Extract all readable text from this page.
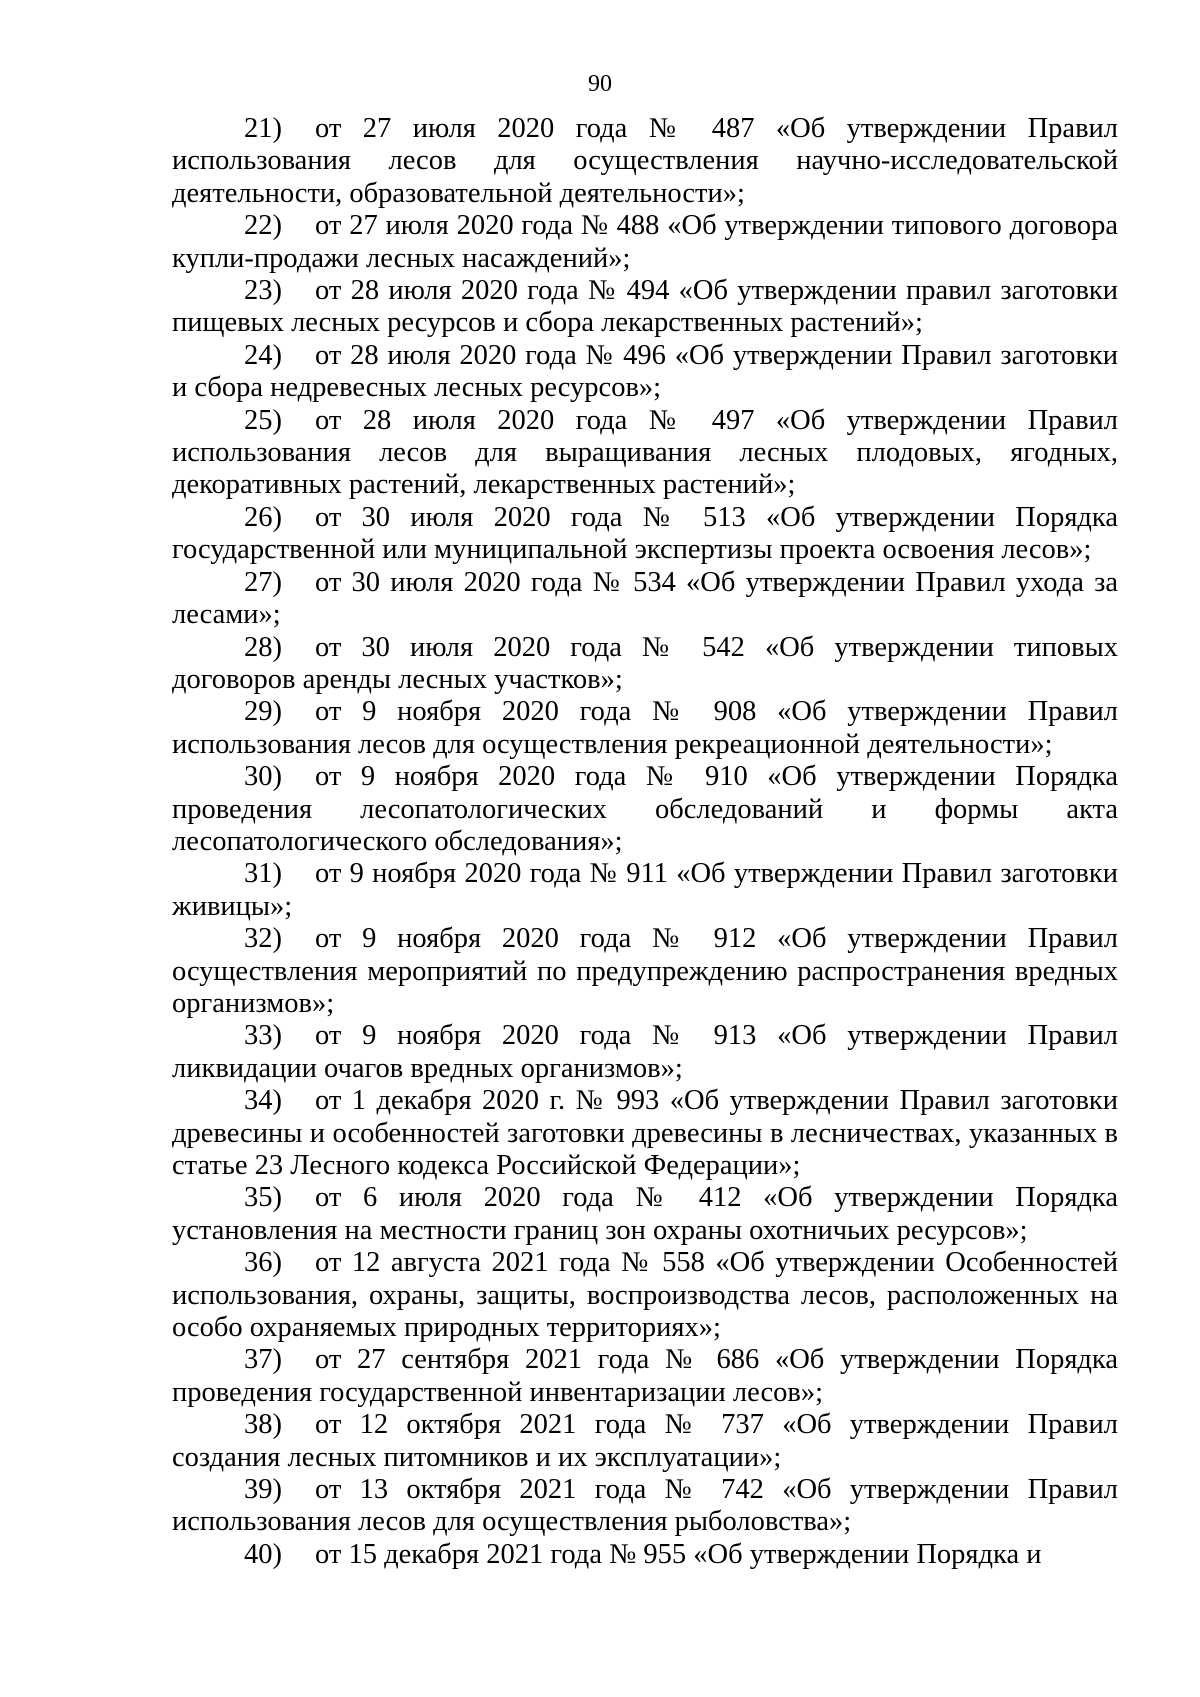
90

21) от 27 июля 2020 года № 487 «Об утверждении Правил использования лесов для осуществления научно-исследовательской деятельности, образовательной деятельности»;

22) от 27 июля 2020 года № 488 «Об утверждении типового договора купли-продажи лесных насаждений»;

23) от 28 июля 2020 года № 494 «Об утверждении правил заготовки пищевых лесных ресурсов и сбора лекарственных растений»;

24) от 28 июля 2020 года № 496 «Об утверждении Правил заготовки и сбора недревесных лесных ресурсов»;

25) от 28 июля 2020 года № 497 «Об утверждении Правил использования лесов для выращивания лесных плодовых, ягодных, декоративных растений, лекарственных растений»;

26) от 30 июля 2020 года № 513 «Об утверждении Порядка государственной или муниципальной экспертизы проекта освоения лесов»;

27) от 30 июля 2020 года № 534 «Об утверждении Правил ухода за лесами»;

28) от 30 июля 2020 года № 542 «Об утверждении типовых договоров аренды лесных участков»;

29) от 9 ноября 2020 года № 908 «Об утверждении Правил использования лесов для осуществления рекреационной деятельности»;

30) от 9 ноября 2020 года № 910 «Об утверждении Порядка проведения лесопатологических обследований и формы акта лесопатологического обследования»;

31) от 9 ноября 2020 года № 911 «Об утверждении Правил заготовки живицы»;

32) от 9 ноября 2020 года № 912 «Об утверждении Правил осуществления мероприятий по предупреждению распространения вредных организмов»;

33) от 9 ноября 2020 года № 913 «Об утверждении Правил ликвидации очагов вредных организмов»;

34) от 1 декабря 2020 г. № 993 «Об утверждении Правил заготовки древесины и особенностей заготовки древесины в лесничествах, указанных в статье 23 Лесного кодекса Российской Федерации»;

35) от 6 июля 2020 года № 412 «Об утверждении Порядка установления на местности границ зон охраны охотничьих ресурсов»;

36) от 12 августа 2021 года № 558 «Об утверждении Особенностей использования, охраны, защиты, воспроизводства лесов, расположенных на особо охраняемых природных территориях»;

37) от 27 сентября 2021 года № 686 «Об утверждении Порядка проведения государственной инвентаризации лесов»;

38) от 12 октября 2021 года № 737 «Об утверждении Правил создания лесных питомников и их эксплуатации»;

39) от 13 октября 2021 года № 742 «Об утверждении Правил использования лесов для осуществления рыболовства»;

40) от 15 декабря 2021 года № 955 «Об утверждении Порядка и
